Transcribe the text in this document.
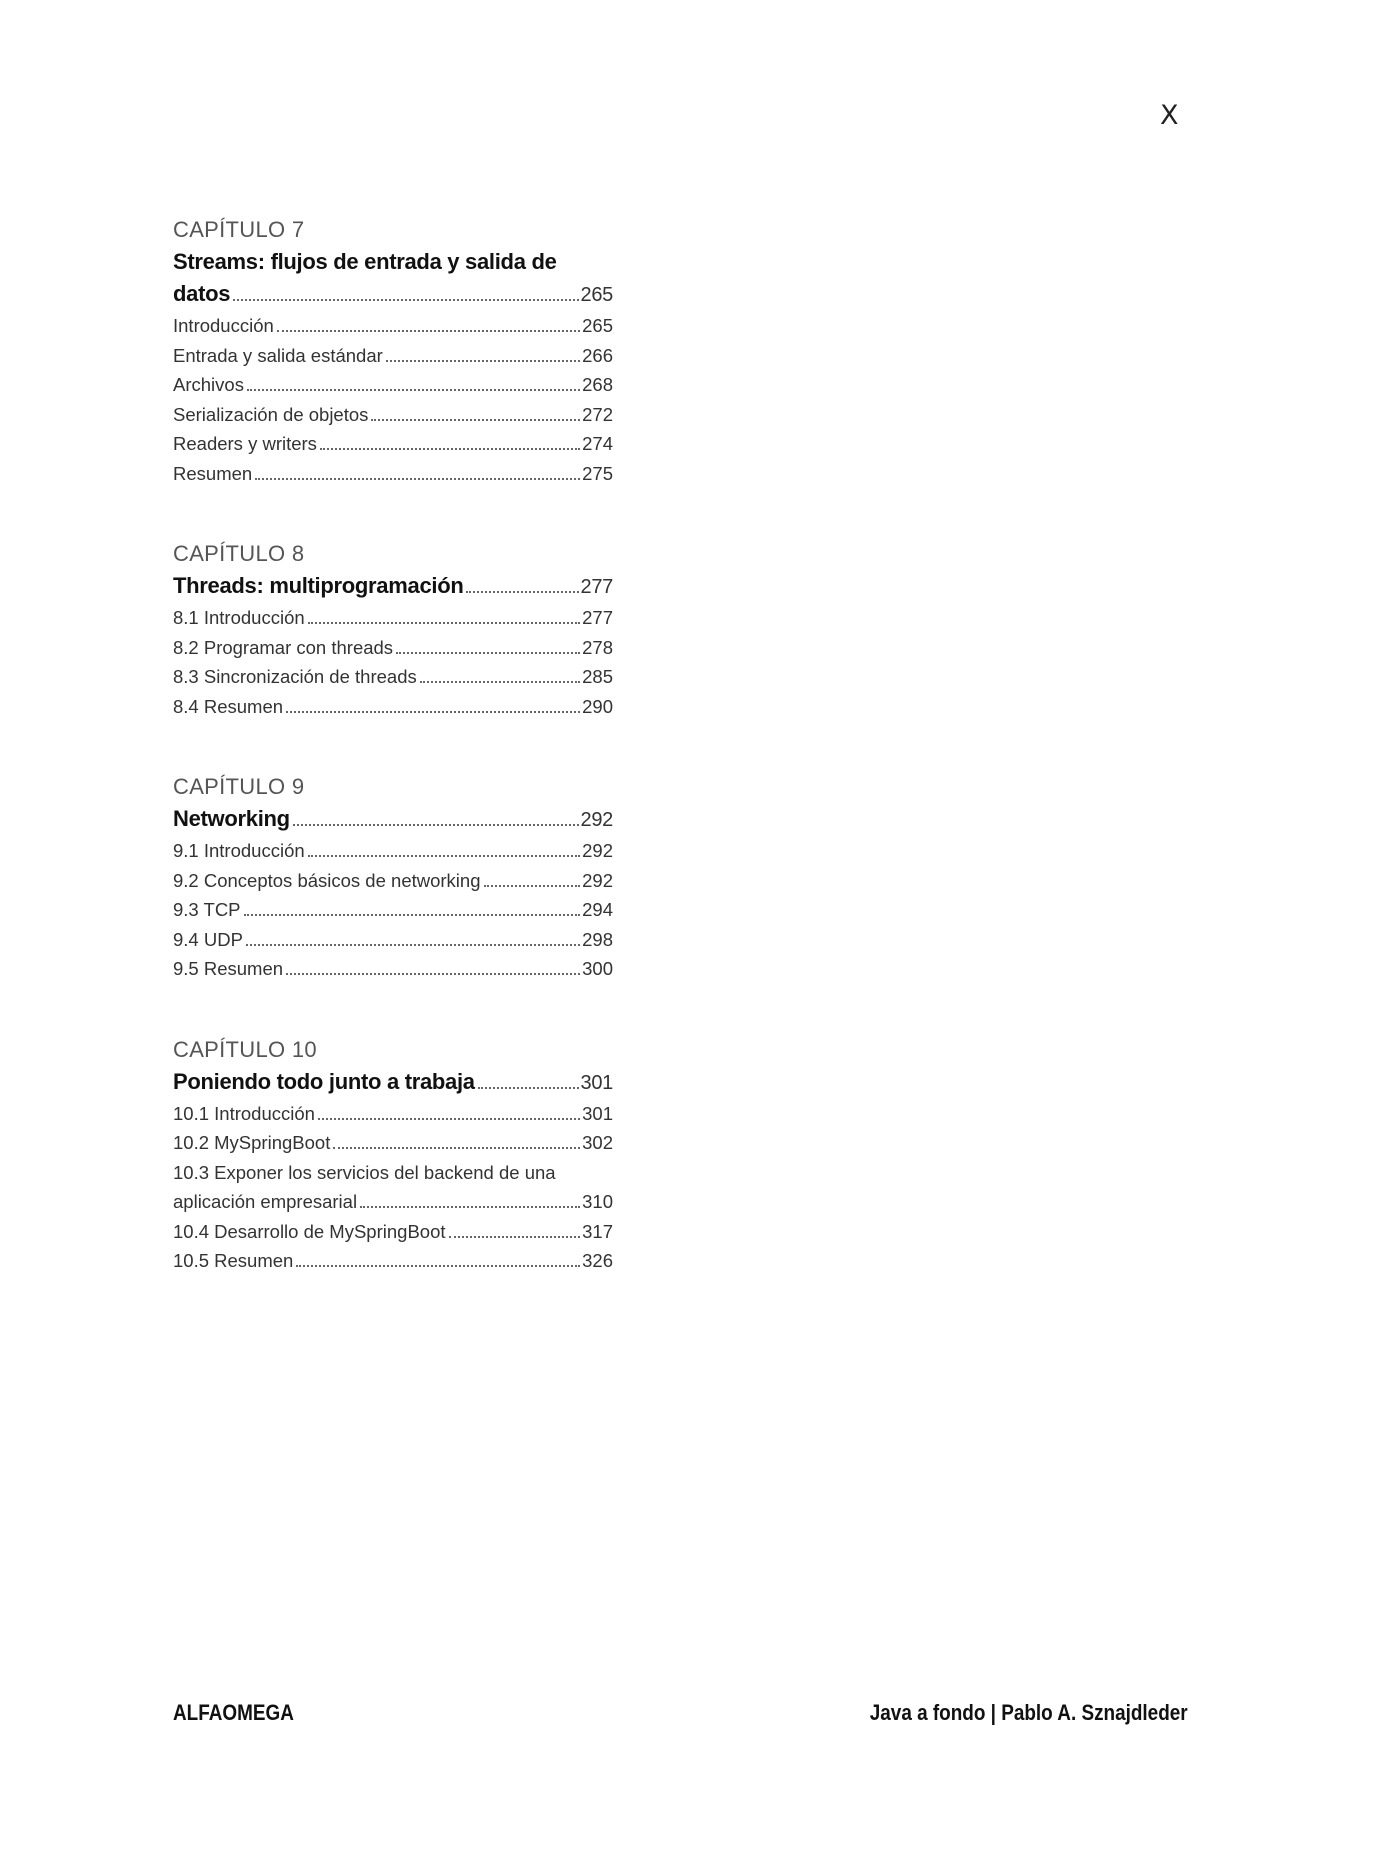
X
CAPÍTULO 7
Streams: flujos de entrada y salida de
datos	265
Introducción	265
Entrada y salida estándar	266
Archivos	268
Serialización de objetos	272
Readers y writers	274
Resumen	275
CAPÍTULO 8
Threads: multiprogramación	277
8.1 Introducción	277
8.2 Programar con threads	278
8.3 Sincronización de threads	285
8.4 Resumen	290
CAPÍTULO 9
Networking	292
9.1 Introducción	292
9.2 Conceptos básicos de networking	292
9.3 TCP	294
9.4 UDP	298
9.5 Resumen	300
CAPÍTULO 10
Poniendo todo junto a trabaja	301
10.1 Introducción	301
10.2 MySpringBoot	302
10.3 Exponer los servicios del backend de una
aplicación empresarial	310
10.4 Desarrollo de MySpringBoot	317
10.5 Resumen	326
ALFAOMEGA	Java a fondo | Pablo A. Sznajdleder
